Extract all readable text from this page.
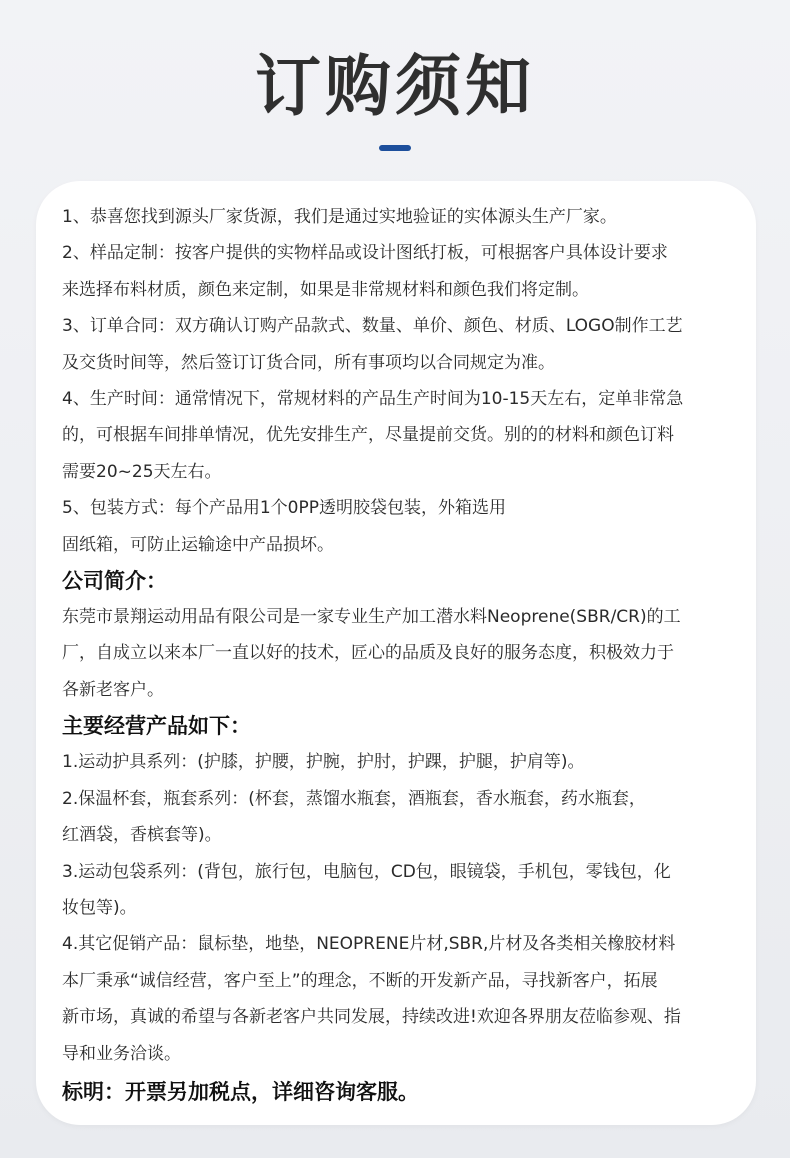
订购须知
1、恭喜您找到源头厂家货源，我们是通过实地验证的实体源头生产厂家。
2、样品定制：按客户提供的实物样品或设计图纸打板，可根据客户具体设计要求
来选择布料材质，颜色来定制，如果是非常规材料和颜色我们将定制。
3、订单合同：双方确认订购产品款式、数量、单价、颜色、材质、LOGO制作工艺
及交货时间等，然后签订订货合同，所有事项均以合同规定为准。
4、生产时间：通常情况下，常规材料的产品生产时间为10-15天左右，定单非常急
的，可根据车间排单情况，优先安排生产，尽量提前交货。别的的材料和颜色订料
需要20~25天左右。
5、包装方式：每个产品用1个0PP透明胶袋包装，外箱选用
固纸箱，可防止运输途中产品损坏。
公司简介：
东莞市景翔运动用品有限公司是一家专业生产加工潜水料Neoprene(SBR/CR)的工
厂，自成立以来本厂一直以好的技术，匠心的品质及良好的服务态度，积极效力于
各新老客户。
主要经营产品如下：
1.运动护具系列：(护膝，护腰，护腕，护肘，护踝，护腿，护肩等)。
2.保温杯套，瓶套系列：(杯套，蒸馏水瓶套，酒瓶套，香水瓶套，药水瓶套，
红酒袋，香槟套等)。
3.运动包袋系列：(背包，旅行包，电脑包，CD包，眼镜袋，手机包，零钱包，化
妆包等)。
4.其它促销产品：鼠标垫，地垫，NEOPRENE片材,SBR,片材及各类相关橡胶材料
本厂秉承“诚信经营，客户至上”的理念，不断的开发新产品，寻找新客户，拓展
新市场，真诚的希望与各新老客户共同发展，持续改进!欢迎各界朋友莅临参观、指
导和业务洽谈。
标明：开票另加税点，详细咨询客服。
